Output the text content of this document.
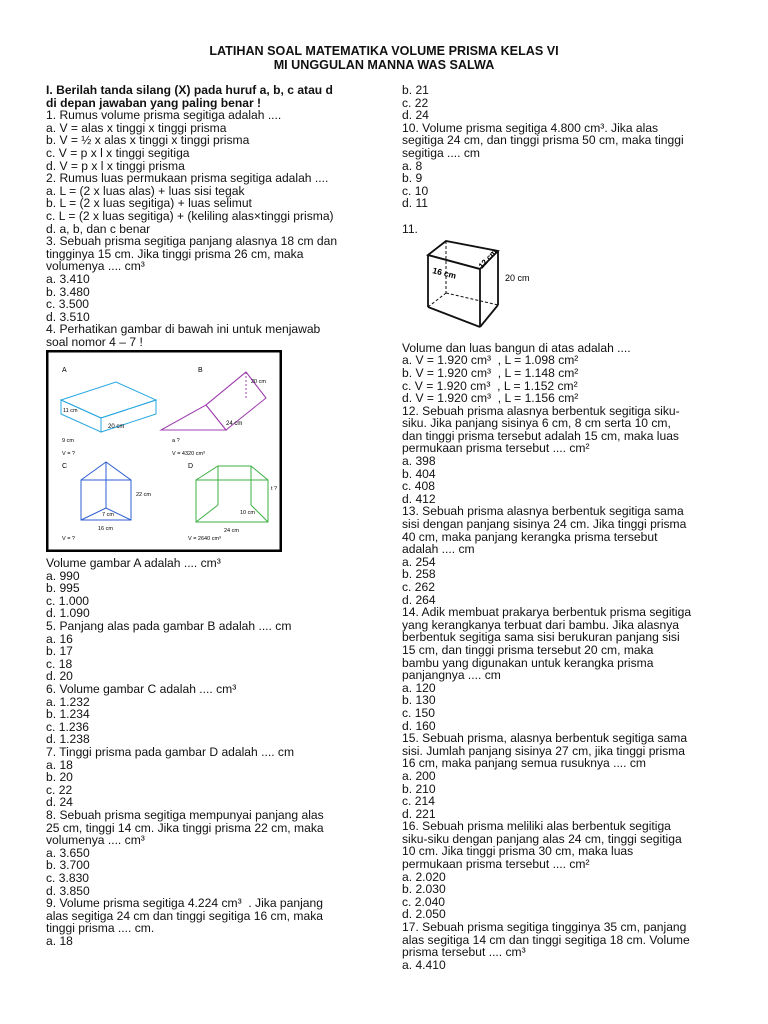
LATIHAN SOAL MATEMATIKA VOLUME PRISMA KELAS VI
MI UNGGULAN MANNA WAS SALWA
I. Berilah tanda silang (X) pada huruf a, b, c atau d
di depan jawaban yang paling benar !
1. Rumus volume prisma segitiga adalah ....
a. V = alas x tinggi x tinggi prisma
b. V = ½ x alas x tinggi x tinggi prisma
c. V = p x l x tinggi segitiga
d. V = p x l x tinggi prisma
2. Rumus luas permukaan prisma segitiga adalah ....
a. L = (2 x luas alas) + luas sisi tegak
b. L = (2 x luas segitiga) + luas selimut
c. L = (2 x luas segitiga) + (keliling alas×tinggi prisma)
d. a, b, dan c benar
3. Sebuah prisma segitiga panjang alasnya 18 cm dan
tingginya 15 cm. Jika tinggi prisma 26 cm, maka
volumenya .... cm³
a. 3.410
b. 3.480
c. 3.500
d. 3.510
4. Perhatikan gambar di bawah ini untuk menjawab
soal nomor 4 – 7 !
A
11 cm
20 cm
9 cm
V = ?
B
20 cm
24 cm
a ?
V = 4320 cm³
C
22 cm
7 cm
16 cm
V = ?
D
t ?
10 cm
24 cm
V = 2640 cm³
Volume gambar A adalah .... cm³
a. 990
b. 995
c. 1.000
d. 1.090
5. Panjang alas pada gambar B adalah .... cm
a. 16
b. 17
c. 18
d. 20
6. Volume gambar C adalah .... cm³
a. 1.232
b. 1.234
c. 1.236
d. 1.238
7. Tinggi prisma pada gambar D adalah .... cm
a. 18
b. 20
c. 22
d. 24
8. Sebuah prisma segitiga mempunyai panjang alas
25 cm, tinggi 14 cm. Jika tinggi prisma 22 cm, maka
volumenya .... cm³
a. 3.650
b. 3.700
c. 3.830
d. 3.850
9. Volume prisma segitiga 4.224 cm³  . Jika panjang
alas segitiga 24 cm dan tinggi segitiga 16 cm, maka
tinggi prisma .... cm.
a. 18
b. 21
c. 22
d. 24
10. Volume prisma segitiga 4.800 cm³. Jika alas
segitiga 24 cm, dan tinggi prisma 50 cm, maka tinggi
segitiga .... cm
a. 8
b. 9
c. 10
d. 11
11.
16 cm
12 cm
20 cm
Volume dan luas bangun di atas adalah ....
a. V = 1.920 cm³  , L = 1.098 cm²
b. V = 1.920 cm³  , L = 1.148 cm²
c. V = 1.920 cm³  , L = 1.152 cm²
d. V = 1.920 cm³  , L = 1.156 cm²
12. Sebuah prisma alasnya berbentuk segitiga siku-
siku. Jika panjang sisinya 6 cm, 8 cm serta 10 cm,
dan tinggi prisma tersebut adalah 15 cm, maka luas
permukaan prisma tersebut .... cm²
a. 398
b. 404
c. 408
d. 412
13. Sebuah prisma alasnya berbentuk segitiga sama
sisi dengan panjang sisinya 24 cm. Jika tinggi prisma
40 cm, maka panjang kerangka prisma tersebut
adalah .... cm
a. 254
b. 258
c. 262
d. 264
14. Adik membuat prakarya berbentuk prisma segitiga
yang kerangkanya terbuat dari bambu. Jika alasnya
berbentuk segitiga sama sisi berukuran panjang sisi
15 cm, dan tinggi prisma tersebut 20 cm, maka
bambu yang digunakan untuk kerangka prisma
panjangnya .... cm
a. 120
b. 130
c. 150
d. 160
15. Sebuah prisma, alasnya berbentuk segitiga sama
sisi. Jumlah panjang sisinya 27 cm, jika tinggi prisma
16 cm, maka panjang semua rusuknya .... cm
a. 200
b. 210
c. 214
d. 221
16. Sebuah prisma meliliki alas berbentuk segitiga
siku-siku dengan panjang alas 24 cm, tinggi segitiga
10 cm. Jika tinggi prisma 30 cm, maka luas
permukaan prisma tersebut .... cm²
a. 2.020
b. 2.030
c. 2.040
d. 2.050
17. Sebuah prisma segitiga tingginya 35 cm, panjang
alas segitiga 14 cm dan tinggi segitiga 18 cm. Volume
prisma tersebut .... cm³
a. 4.410
